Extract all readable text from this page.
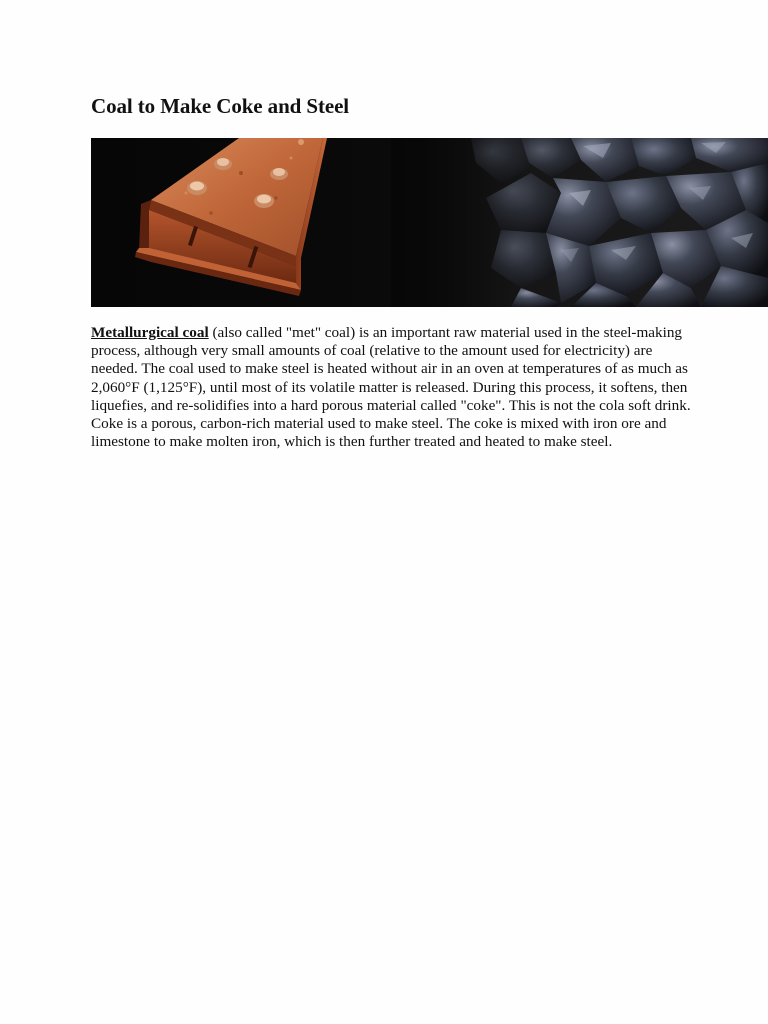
Coal to Make Coke and Steel

Metallurgical coal (also called "met" coal) is an important raw material used in the steel-making process, although very small amounts of coal (relative to the amount used for electricity) are needed. The coal used to make steel is heated without air in an oven at temperatures of as much as 2,060°F (1,125°F), until most of its volatile matter is released. During this process, it softens, then liquefies, and re-solidifies into a hard porous material called "coke". This is not the cola soft drink. Coke is a porous, carbon-rich material used to make steel. The coke is mixed with iron ore and limestone to make molten iron, which is then further treated and heated to make steel.
